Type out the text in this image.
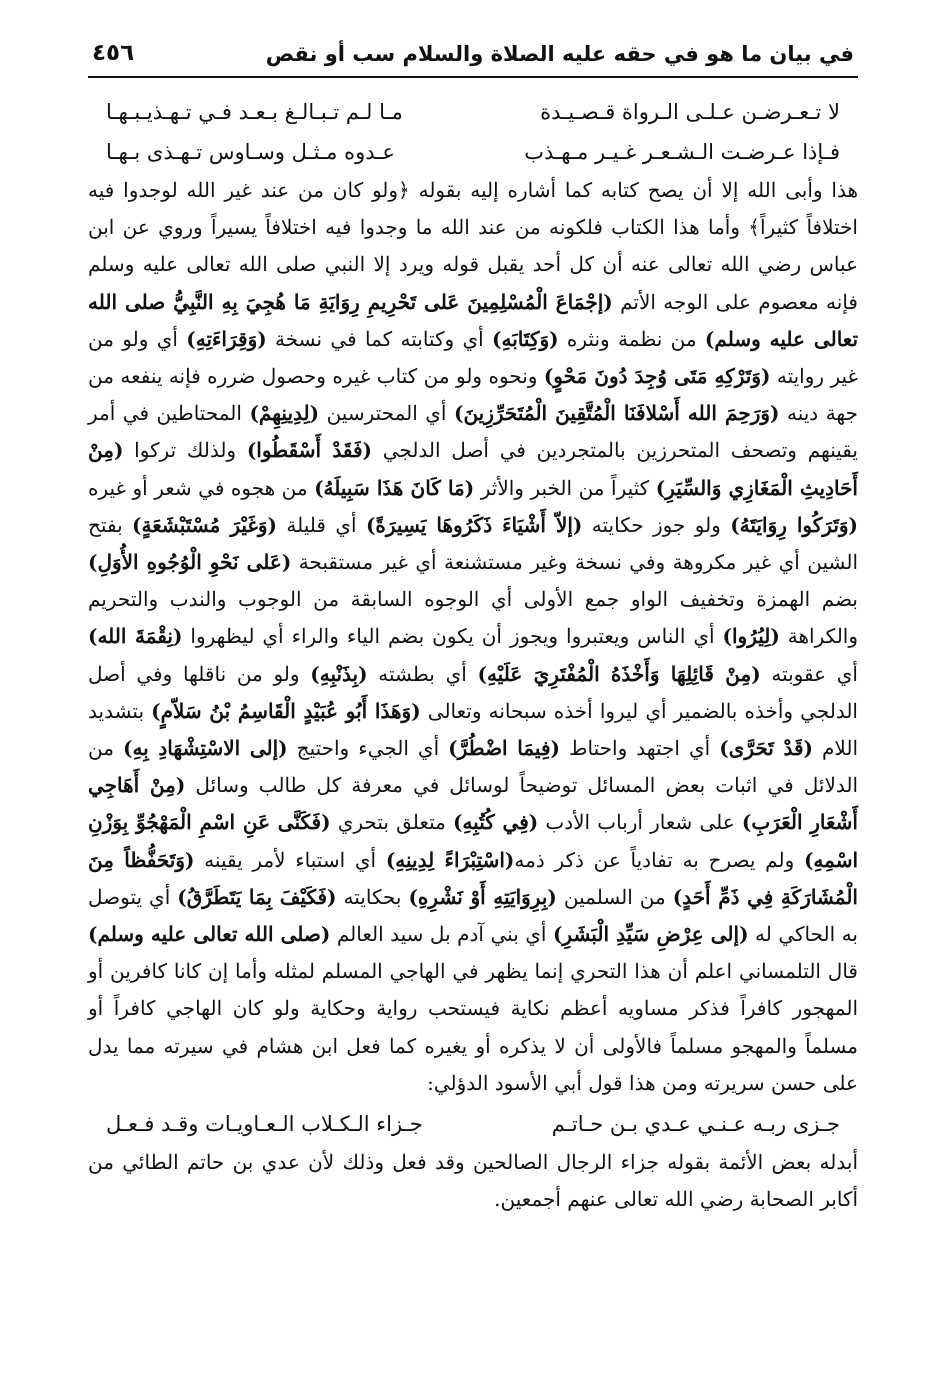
في بيان ما هو في حقه عليه الصلاة والسلام سب أو نقص
٤٥٦
لا تـعـرضـن عـلـى الـرواة قـصـيـدة
مـا لـم تـبـالـغ بـعـد فـي تـهـذيـبـهـا
فـإذا عـرضـت الـشـعـر غـيـر مـهـذب
عـدوه مـثـل وسـاوس تـهـذى بـهـا

هذا وأبى الله إلا أن يصح كتابه كما أشاره إليه بقوله ﴿ولو كان من عند غير الله لوجدوا فيه اختلافاً كثيراً﴾ وأما هذا الكتاب فلكونه من عند الله ما وجدوا فيه اختلافاً يسيراً وروي عن ابن عباس رضي الله تعالى عنه أن كل أحد يقبل قوله ويرد إلا النبي صلى الله تعالى عليه وسلم فإنه معصوم على الوجه الأتم (إجْمَاعَ الْمُسْلِمِينَ عَلى تَحْرِيمِ رِوَايَةِ مَا هُجِيَ بِهِ النَّبِيُّ صلى الله تعالى عليه وسلم) من نظمة ونثره (وَكِتَابَهِ) أي وكتابته كما في نسخة (وَقِرَاءَتِهِ) أي ولو من غير روايته (وَتَرْكِهِ مَتَى وُجِدَ دُونَ مَحْوٍ) ونحوه ولو من كتاب غيره وحصول ضرره فإنه ينفعه من جهة دينه (وَرَحِمَ الله أَسْلافَنَا الْمُتَّقِينَ الْمُتَحَرِّزِينَ) أي المحترسين (لِدِينِهِمْ) المحتاطين في أمر يقينهم وتصحف المتحرزين بالمتجردين في أصل الدلجي (فَقَدْ أَسْقَطُوا) ولذلك تركوا (مِنْ أَحَادِيثِ الْمَغَازِي وَالسِّيَرِ) كثيراً من الخبر والأثر (مَا كَانَ هَذَا سَبِيلَهُ) من هجوه في شعر أو غيره (وَتَرَكُوا رِوَايَتَهُ) ولو جوز حكايته (إلاّ أَشْيَاءَ ذَكَرُوهَا يَسِيرَةً) أي قليلة (وَغَيْرَ مُسْتَبْشَعَةٍ) بفتح الشين أي غير مكروهة وفي نسخة وغير مستشنعة أي غير مستقبحة (عَلى نَحْوِ الْوُجُوهِ الأُوَلِ) بضم الهمزة وتخفيف الواو جمع الأولى أي الوجوه السابقة من الوجوب والندب والتحريم والكراهة (لِيُرُوا) أي الناس ويعتبروا ويجوز أن يكون بضم الياء والراء أي ليظهروا (نِقْمَةَ الله) أي عقوبته (مِنْ قَائِلِهَا وَأَخْذَهُ الْمُفْتَرِيَ عَلَيْهِ) أي بطشته (بِذَنْبِهِ) ولو من ناقلها وفي أصل الدلجي وأخذه بالضمير أي ليروا أخذه سبحانه وتعالى (وَهَذَا أَبُو عُبَيْدٍ الْقَاسِمُ بْنُ سَلاّمٍ) بتشديد اللام (قَدْ تَحَرَّى) أي اجتهد واحتاط (فِيمَا اضْطُرَّ) أي الجيء واحتيج (إلى الاسْتِشْهَادِ بِهِ) من الدلائل في اثبات بعض المسائل توضيحاً لوسائل في معرفة كل طالب وسائل (مِنْ أَهَاجِي أَشْعَارِ الْعَرَبِ) على شعار أرباب الأدب (فِي كُتُبِهِ) متعلق بتحري (فَكَنَّى عَنِ اسْمِ الْمَهْجُوِّ بِوَزْنِ اسْمِهِ) ولم يصرح به تفادياً عن ذكر ذمه(اسْتِبْرَاءً لِدِينِهِ) أي استباء لأمر يقينه (وَتَحَفُّظاً مِنَ الْمُشَارَكَةِ فِي ذَمِّ أَحَدٍ) من السلمين (بِرِوَايَتِهِ أَوْ نَشْرِهِ) بحكايته (فَكَيْفَ بِمَا يَتَطَرَّقُ) أي يتوصل به الحاكي له (إلى عِرْضِ سَيِّدِ الْبَشَرِ) أي بني آدم بل سيد العالم (صلى الله تعالى عليه وسلم) قال التلمساني اعلم أن هذا التحري إنما يظهر في الهاجي المسلم لمثله وأما إن كانا كافرين أو المهجور كافراً فذكر مساويه أعظم نكاية فيستحب رواية وحكاية ولو كان الهاجي كافراً أو مسلماً والمهجو مسلماً فالأولى أن لا يذكره أو يغيره كما فعل ابن هشام في سيرته مما يدل على حسن سريرته ومن هذا قول أبي الأسود الدؤلي:

جـزى ربـه عـنـي عـدي بـن حـاتـم
جـزاء الـكـلاب الـعـاويـات وقـد فـعـل

أبدله بعض الأئمة بقوله جزاء الرجال الصالحين وقد فعل وذلك لأن عدي بن حاتم الطائي من أكابر الصحابة رضي الله تعالى عنهم أجمعين.
